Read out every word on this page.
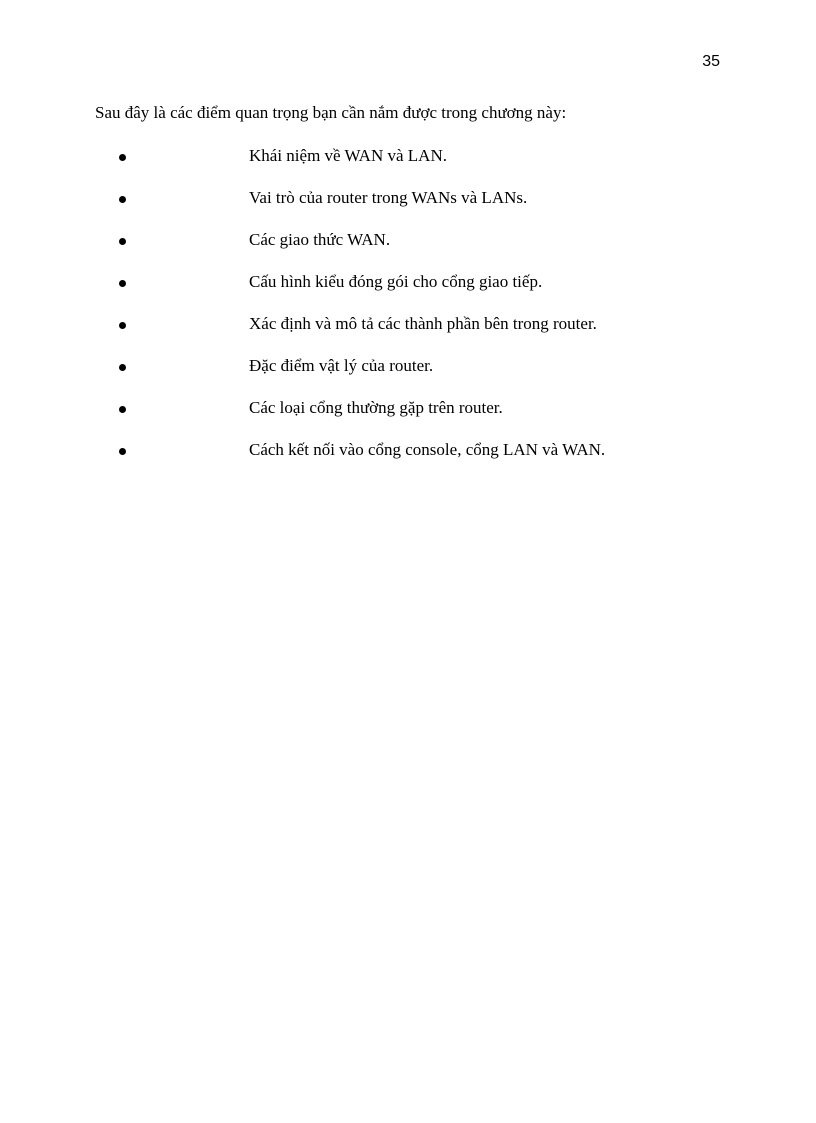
35

Sau đây là các điểm quan trọng bạn cần nắm được trong chương này:

Khái niệm về WAN và LAN.
Vai trò của router trong WANs và LANs.
Các giao thức WAN.
Cấu hình kiểu đóng gói cho cổng giao tiếp.
Xác định và mô tả các thành phần bên trong router.
Đặc điểm vật lý của router.
Các loại cổng thường gặp trên router.
Cách kết nối vào cổng console, cổng LAN và WAN.
